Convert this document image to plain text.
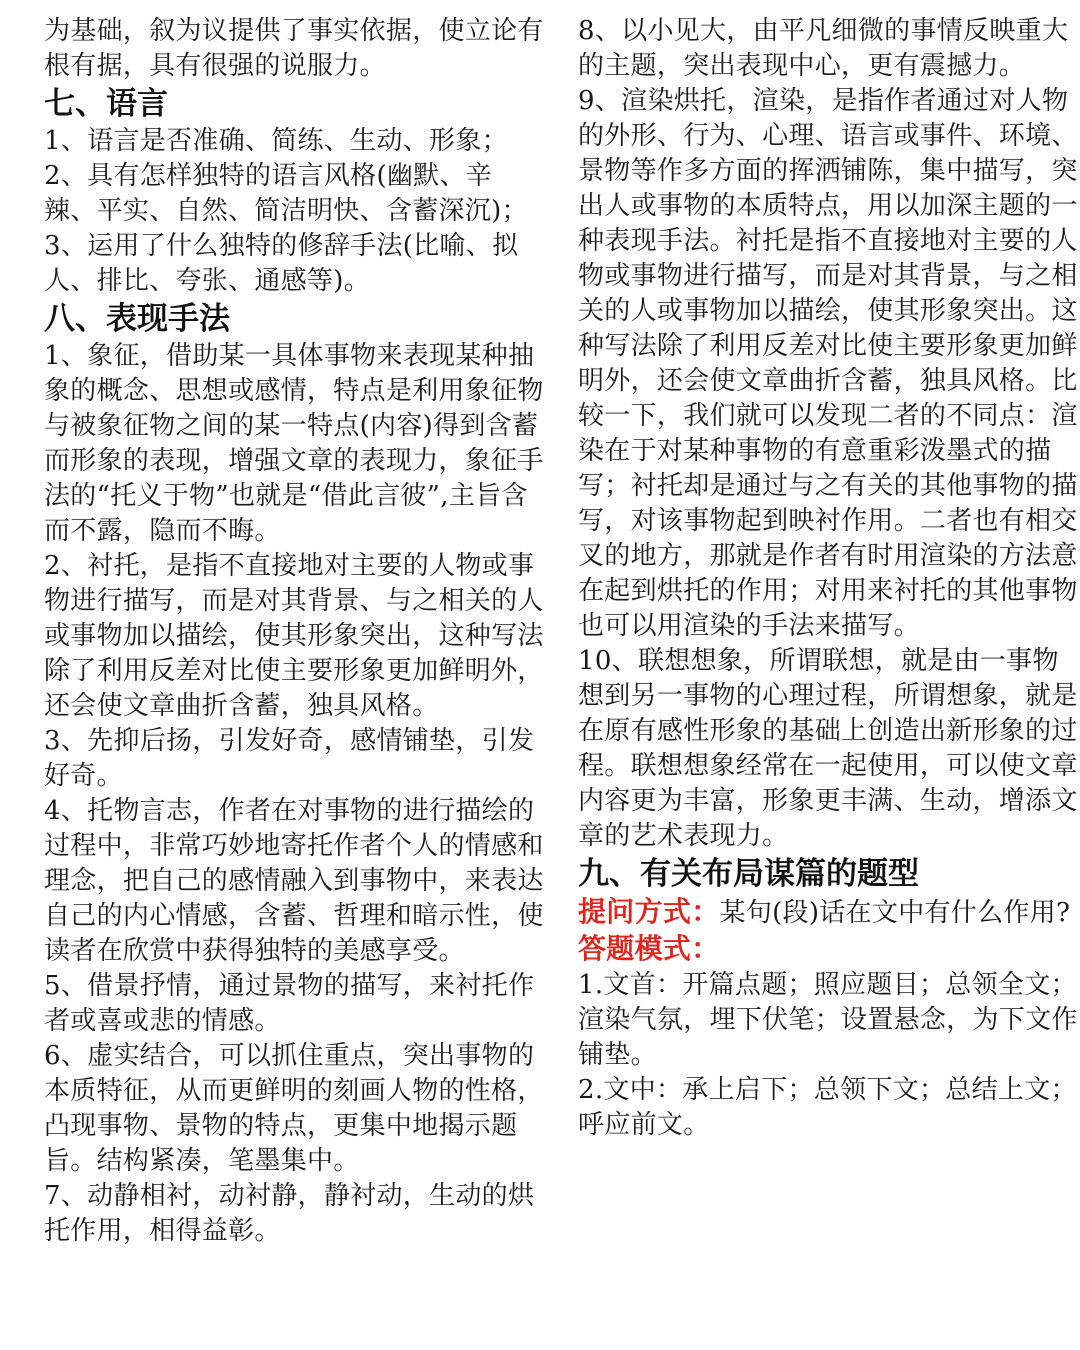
为基础，叙为议提供了事实依据，使立论有根有据，具有很强的说服力。

七、语言

1、语言是否准确、简练、生动、形象；

2、具有怎样独特的语言风格(幽默、辛辣、平实、自然、简洁明快、含蓄深沉)；

3、运用了什么独特的修辞手法(比喻、拟人、排比、夸张、通感等)。

八、表现手法

1、象征，借助某一具体事物来表现某种抽象的概念、思想或感情，特点是利用象征物与被象征物之间的某一特点(内容)得到含蓄而形象的表现，增强文章的表现力，象征手法的“托义于物”也就是“借此言彼”,主旨含而不露，隐而不晦。

2、衬托，是指不直接地对主要的人物或事物进行描写，而是对其背景、与之相关的人或事物加以描绘，使其形象突出，这种写法除了利用反差对比使主要形象更加鲜明外，还会使文章曲折含蓄，独具风格。

3、先抑后扬，引发好奇，感情铺垫，引发好奇。

4、托物言志，作者在对事物的进行描绘的过程中，非常巧妙地寄托作者个人的情感和理念，把自己的感情融入到事物中，来表达自己的内心情感，含蓄、哲理和暗示性，使读者在欣赏中获得独特的美感享受。

5、借景抒情，通过景物的描写，来衬托作者或喜或悲的情感。

6、虚实结合，可以抓住重点，突出事物的本质特征，从而更鲜明的刻画人物的性格，凸现事物、景物的特点，更集中地揭示题旨。结构紧凑，笔墨集中。

7、动静相衬，动衬静，静衬动，生动的烘托作用，相得益彰。

8、以小见大，由平凡细微的事情反映重大的主题，突出表现中心，更有震撼力。

9、渲染烘托，渲染，是指作者通过对人物的外形、行为、心理、语言或事件、环境、景物等作多方面的挥洒铺陈，集中描写，突出人或事物的本质特点，用以加深主题的一种表现手法。衬托是指不直接地对主要的人物或事物进行描写，而是对其背景，与之相关的人或事物加以描绘，使其形象突出。这种写法除了利用反差对比使主要形象更加鲜明外，还会使文章曲折含蓄，独具风格。比较一下，我们就可以发现二者的不同点：渲染在于对某种事物的有意重彩泼墨式的描写；衬托却是通过与之有关的其他事物的描写，对该事物起到映衬作用。二者也有相交叉的地方，那就是作者有时用渲染的方法意在起到烘托的作用；对用来衬托的其他事物也可以用渲染的手法来描写。

10、联想想象，所谓联想，就是由一事物想到另一事物的心理过程，所谓想象，就是在原有感性形象的基础上创造出新形象的过程。联想想象经常在一起使用，可以使文章内容更为丰富，形象更丰满、生动，增添文章的艺术表现力。

九、有关布局谋篇的题型

提问方式：某句(段)话在文中有什么作用?答题模式：

1.文首：开篇点题；照应题目；总领全文；渲染气氛，埋下伏笔；设置悬念，为下文作铺垫。

2.文中：承上启下；总领下文；总结上文；呼应前文。
